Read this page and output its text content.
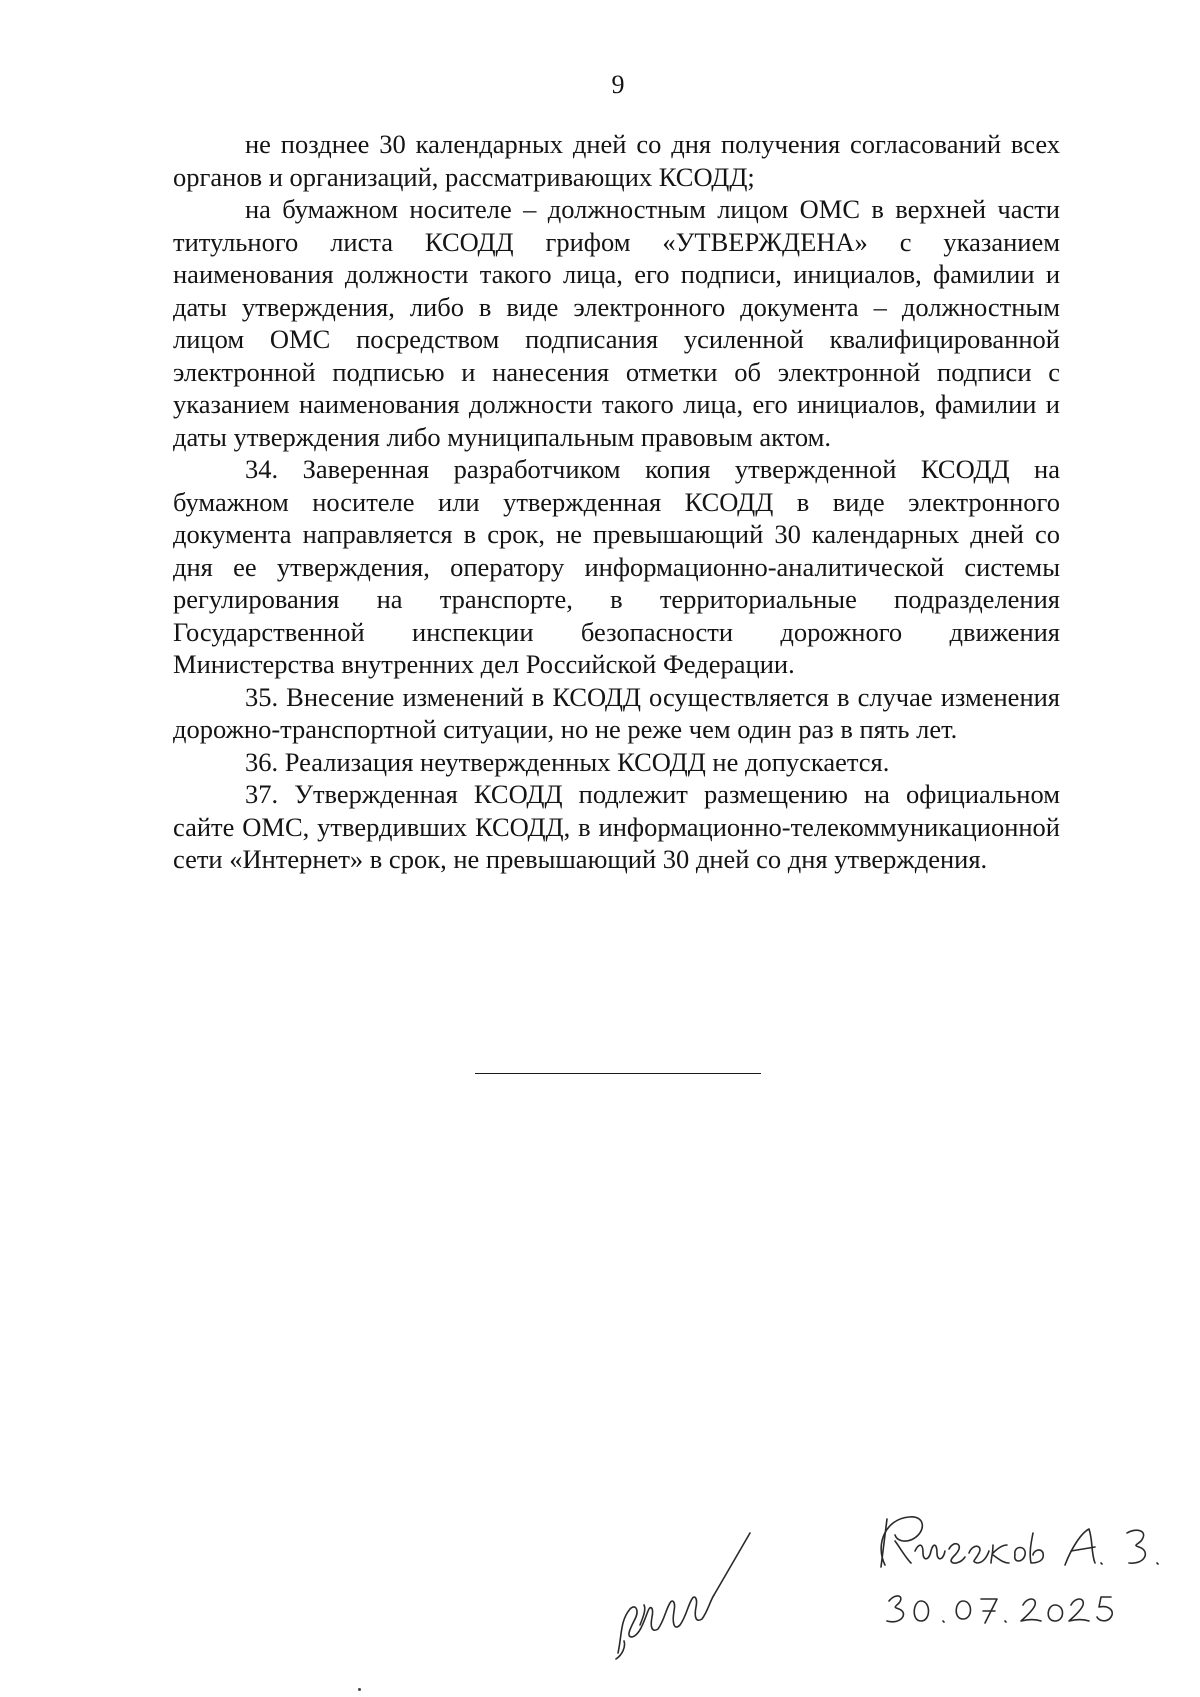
9

не позднее 30 календарных дней со дня получения согласований всех органов и организаций, рассматривающих КСОДД;

на бумажном носителе – должностным лицом ОМС в верхней части титульного листа КСОДД грифом «УТВЕРЖДЕНА» с указанием наименования должности такого лица, его подписи, инициалов, фамилии и даты утверждения, либо в виде электронного документа – должностным лицом ОМС посредством подписания усиленной квалифицированной электронной подписью и нанесения отметки об электронной подписи с указанием наименования должности такого лица, его инициалов, фамилии и даты утверждения либо муниципальным правовым актом.

34. Заверенная разработчиком копия утвержденной КСОДД на бумажном носителе или утвержденная КСОДД в виде электронного документа направляется в срок, не превышающий 30 календарных дней со дня ее утверждения, оператору информационно-аналитической системы регулирования на транспорте, в территориальные подразделения Государственной инспекции безопасности дорожного движения Министерства внутренних дел Российской Федерации.

35. Внесение изменений в КСОДД осуществляется в случае изменения дорожно-транспортной ситуации, но не реже чем один раз в пять лет.

36. Реализация неутвержденных КСОДД не допускается.

37. Утвержденная КСОДД подлежит размещению на официальном сайте ОМС, утвердивших КСОДД, в информационно-телекоммуникационной сети «Интернет» в срок, не превышающий 30 дней со дня утверждения.
